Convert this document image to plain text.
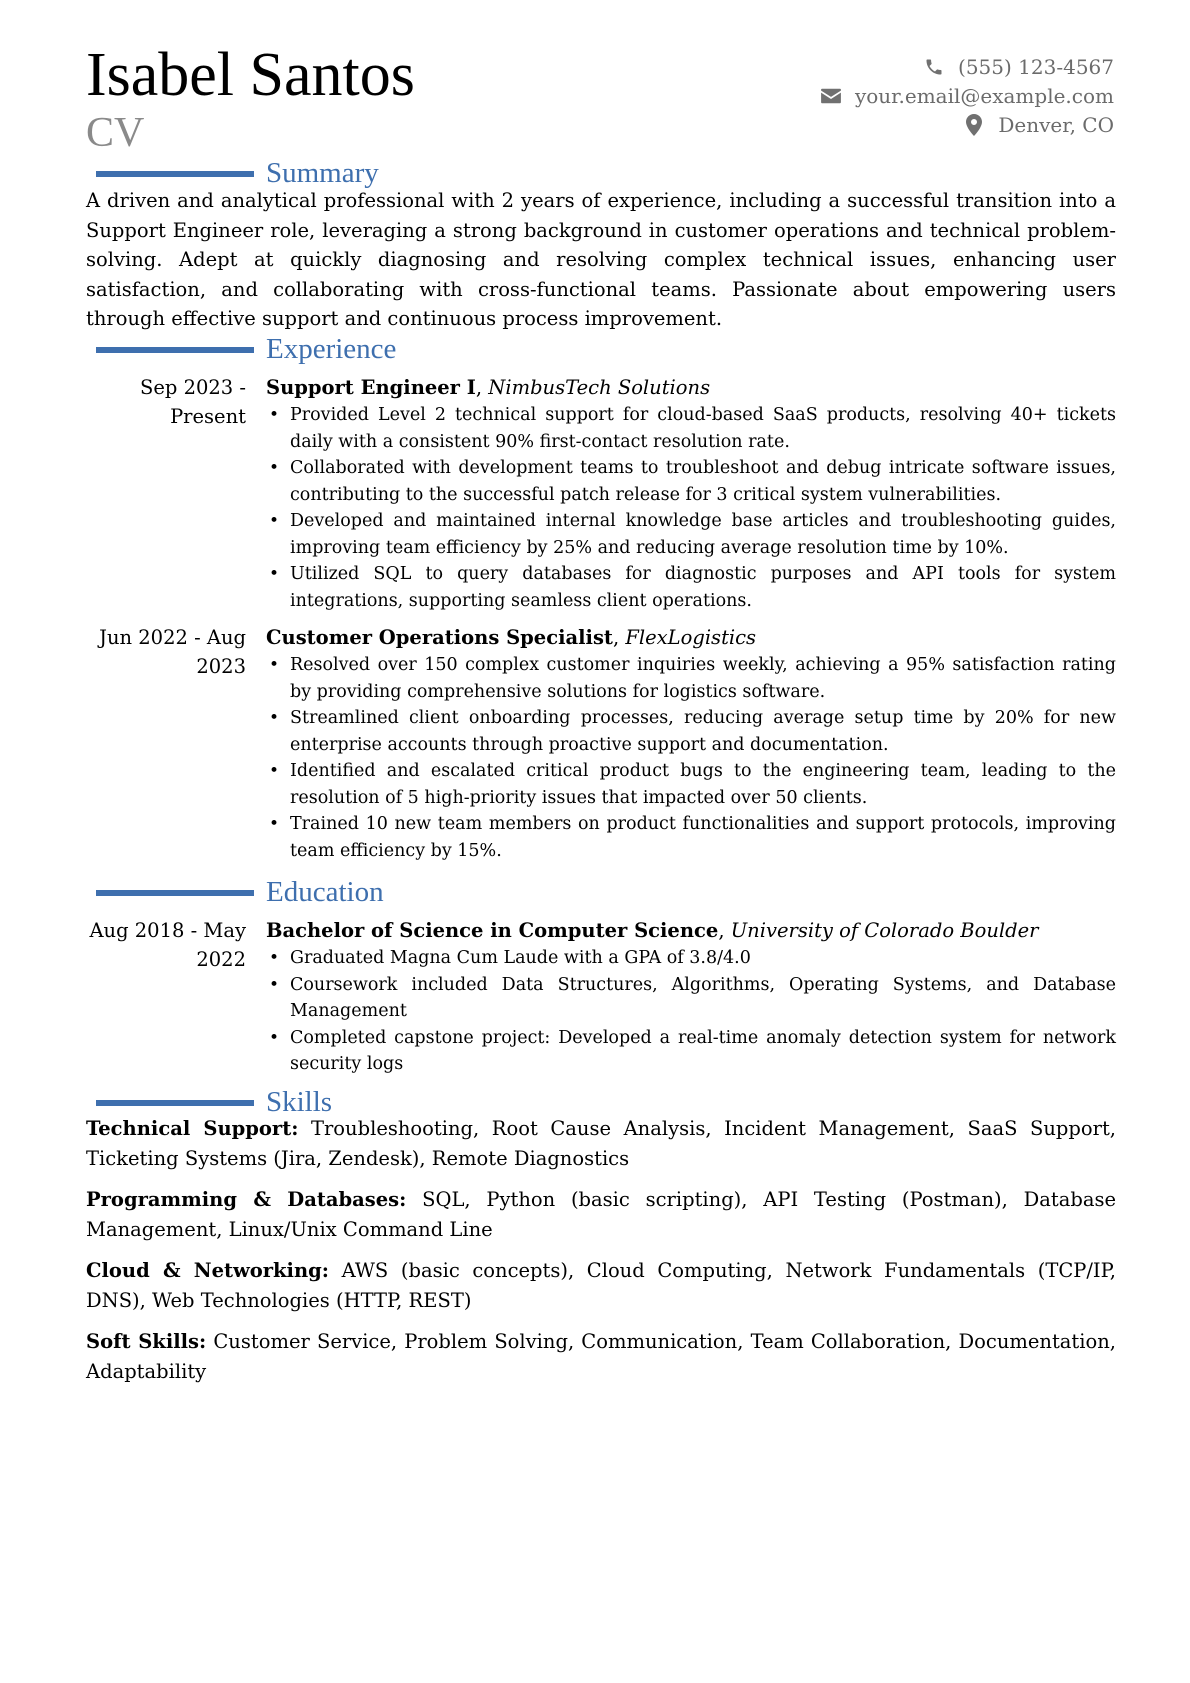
Isabel Santos
CV
(555) 123-4567
your.email@example.com
Denver, CO
Summary
A driven and analytical professional with 2 years of experience, including a successful transition into a Support Engineer role, leveraging a strong background in customer operations and technical problem-solving. Adept at quickly diagnosing and resolving complex technical issues, enhancing user satisfaction, and collaborating with cross-functional teams. Passionate about empowering users through effective support and continuous process improvement.
Experience
Sep 2023 - Present
Support Engineer I, NimbusTech Solutions
• Provided Level 2 technical support for cloud-based SaaS products, resolving 40+ tickets daily with a consistent 90% first-contact resolution rate.
• Collaborated with development teams to troubleshoot and debug intricate software issues, contributing to the successful patch release for 3 critical system vulnerabilities.
• Developed and maintained internal knowledge base articles and troubleshooting guides, improving team efficiency by 25% and reducing average resolution time by 10%.
• Utilized SQL to query databases for diagnostic purposes and API tools for system integrations, supporting seamless client operations.
Jun 2022 - Aug 2023
Customer Operations Specialist, FlexLogistics
• Resolved over 150 complex customer inquiries weekly, achieving a 95% satisfaction rating by providing comprehensive solutions for logistics software.
• Streamlined client onboarding processes, reducing average setup time by 20% for new enterprise accounts through proactive support and documentation.
• Identified and escalated critical product bugs to the engineering team, leading to the resolution of 5 high-priority issues that impacted over 50 clients.
• Trained 10 new team members on product functionalities and support protocols, improving team efficiency by 15%.
Education
Aug 2018 - May 2022
Bachelor of Science in Computer Science, University of Colorado Boulder
• Graduated Magna Cum Laude with a GPA of 3.8/4.0
• Coursework included Data Structures, Algorithms, Operating Systems, and Database Management
• Completed capstone project: Developed a real-time anomaly detection system for network security logs
Skills
Technical Support: Troubleshooting, Root Cause Analysis, Incident Management, SaaS Support, Ticketing Systems (Jira, Zendesk), Remote Diagnostics
Programming & Databases: SQL, Python (basic scripting), API Testing (Postman), Database Management, Linux/Unix Command Line
Cloud & Networking: AWS (basic concepts), Cloud Computing, Network Fundamentals (TCP/IP, DNS), Web Technologies (HTTP, REST)
Soft Skills: Customer Service, Problem Solving, Communication, Team Collaboration, Documentation, Adaptability
